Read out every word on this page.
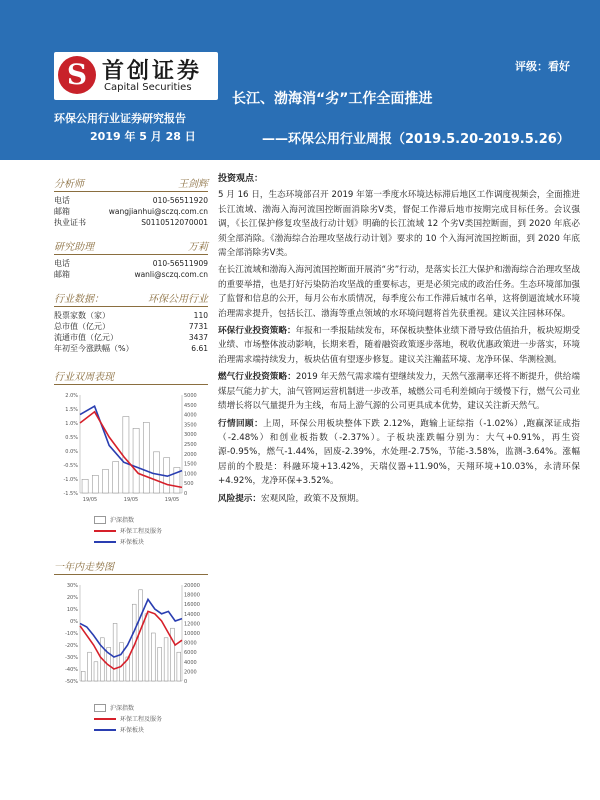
S 首创证券
Capital Securities
评级：看好
环保公用行业证券研究报告
2019 年 5 月 28 日
长江、渤海消“劣”工作全面推进
——环保公用行业周报（2019.5.20-2019.5.26）
分析师	王剑辉
电话	010-56511920
邮箱	wangjianhui@sczq.com.cn
执业证书	S0110512070001
研究助理	万莉
电话	010-56511909
邮箱	wanli@sczq.com.cn
行业数据：	环保公用行业
股票家数（家）	110
总市值（亿元）	7731
流通市值（亿元）	3437
年初至今涨跌幅（%）	6.61
行业双周表现
2.0%
1.5%
1.0%
0.5%
0.0%
-0.5%
-1.0%
-1.5%
5000
4500
4000
3500
3000
2500
2000
1500
1000
500
0
19/05	19/05	19/05
沪深指数
环保工程及服务
环保板块
一年内走势图
30%
20%
10%
0%
-10%
-20%
-30%
-40%
-50%
20000
18000
16000
14000
12000
10000
8000
6000
4000
2000
0
沪深指数
环保工程及服务
环保板块
投资观点：

5 月 16 日，生态环境部召开 2019 年第一季度水环境达标滞后地区工作调度视频会，全面推进长江流域、渤海入海河流国控断面消除劣Ⅴ类，督促工作滞后地市按期完成目标任务。会议强调，《长江保护修复攻坚战行动计划》明确的长江流域 12 个劣Ⅴ类国控断面，到 2020 年底必须全部消除。《渤海综合治理攻坚战行动计划》要求的 10 个入海河流国控断面，到 2020 年底需全部消除劣Ⅴ类。

在长江流域和渤海入海河流国控断面开展消“劣”行动，是落实长江大保护和渤海综合治理攻坚战的重要举措，也是打好污染防治攻坚战的重要标志，更是必须完成的政治任务。生态环境部加强了监督和信息的公开，每月公布水质情况，每季度公布工作滞后城市名单，这将倒逼流域水环境治理需求提升，包括长江、渤海等重点领域的水环境问题将首先获重视。建议关注园林环保。

环保行业投资策略：年报和一季报陆续发布，环保板块整体业绩下滑导致估值抬升，板块短期受业绩、市场整体波动影响，长期来看，随着融资政策逐步落地，税收优惠政策进一步落实，环境治理需求端持续发力，板块估值有望逐步修复。建议关注瀚蓝环境、龙净环保、华测检测。

燃气行业投资策略：2019 年天然气需求端有望继续发力，天然气涨潮率还将不断提升，供给端煤层气能力扩大，油气管网运营机制进一步改革，城燃公司毛利差倾向于缓慢下行，燃气公司业绩增长将以气量提升为主线，布局上游气源的公司更具成本优势，建议关注新天然气。

行情回顾：上周，环保公用板块整体下跌 2.12%，跑输上证综指（-1.02%）,跑赢深证成指（-2.48%）和创业板指数（-2.37%）。子板块涨跌幅分别为：大气+0.91%，再生资源-0.95%，燃气-1.44%，固废-2.39%，水处理-2.75%，节能-3.58%，监测-3.64%。涨幅居前的个股是：科融环境+13.42%，天瑞仪器+11.90%，天翔环境+10.03%，永清环保+4.92%，龙净环保+3.52%。

风险提示：宏观风险，政策不及预期。
